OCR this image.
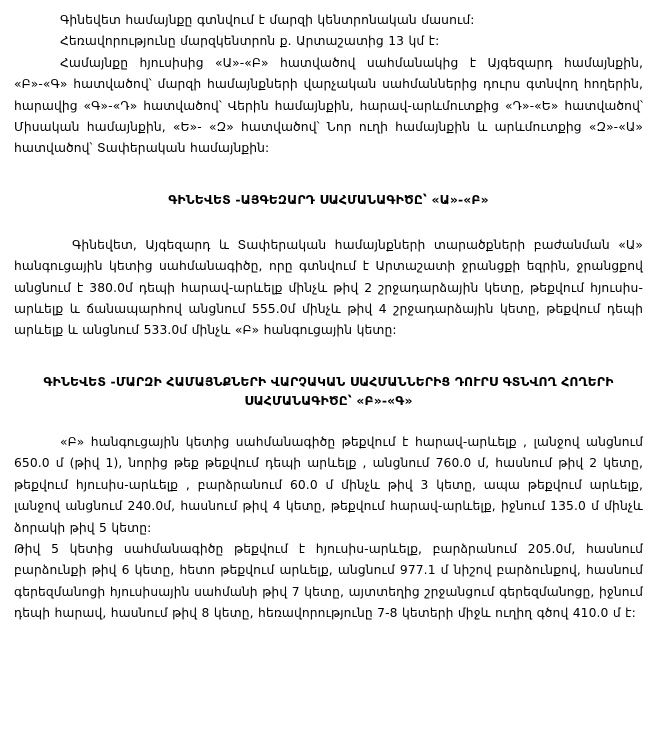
Գինեվետ համայնքը գտնվում է մարզի կենտրոնական մասում:

Հեռավորությունը մարզկենտրոն ք. Արտաշատից 13 կմ է:

Համայնքը հյուսիսից «Ա»-«Բ» հատվածով սահմանակից է Այգեզարդ համայնքին, «Բ»-«Գ» հատվածով՝ մարզի համայնքների վարչական սահմաններից դուրս գտնվող հողերին, հարավից «Գ»-«Դ» հատվածով՝ Վերին համայնքին, հարավ-արևմուտքից «Դ»-«Ե» հատվածով՝ Միսական համայնքին, «Ե»- «Զ» հատվածով՝ Նոր ուղի համայնքին և արևմուտքից «Զ»-«Ա» հատվածով՝ Տափերական համայնքին:

ԳԻՆԵՎԵՏ -ԱՅԳԵԶԱՐԴ ՍԱՀՄԱՆԱԳԻԾԸ՝ «Ա»-«Բ»

Գինեվետ, Այգեզարդ և Տափերական համայնքների տարածքների բաժանման «Ա» հանգուցային կետից սահմանագիծը, որը գտնվում է Արտաշատի ջրանցքի եզրին, ջրանցքով անցնում է 380.0մ դեպի հարավ-արևելք մինչև թիվ 2 շրջադարձային կետը, թեքվում հյուսիս-արևելք և ճանապարհով անցնում 555.0մ մինչև թիվ 4 շրջադարձային կետը, թեքվում դեպի արևելք և անցնում 533.0մ մինչև «Բ» հանգուցային կետը:

ԳԻՆԵՎԵՏ -ՄԱՐԶԻ ՀԱՄԱՅՆՔՆԵՐԻ ՎԱՐՉԱԿԱՆ ՍԱՀՄԱՆՆԵՐԻՑ ԴՈՒՐՍ ԳՏՆՎՈՂ ՀՈՂԵՐԻ
ՍԱՀՄԱՆԱԳԻԾԸ՝ «Բ»-«Գ»

«Բ» հանգուցային կետից սահմանագիծը թեքվում է հարավ-արևելք , լանջով անցնում 650.0 մ (թիվ 1), նորից թեք թեքվում դեպի արևելք , անցնում 760.0 մ, հասնում թիվ 2 կետը, թեքվում հյուսիս-արևելք , բարձրանում 60.0 մ մինչև թիվ 3 կետը, ապա թեքվում արևելք, լանջով անցնում 240.0մ, հասնում թիվ 4 կետը, թեքվում հարավ-արևելք, իջնում 135.0 մ մինչև ձորակի թիվ 5 կետը:

Թիվ 5 կետից սահմանագիծը թեքվում է հյուսիս-արևելք, բարձրանում 205.0մ, հասնում բարձունքի թիվ 6 կետը, հետո թեքվում արևելք, անցնում 977.1 մ նիշով բարձունքով, հասնում գերեզմանոցի հյուսիսային սահմանի թիվ 7 կետը, այտտեղից շրջանցում գերեզմանոցը, իջնում դեպի հարավ, հասնում թիվ 8 կետը, հեռավորությունը 7-8 կետերի միջև ուղիղ գծով 410.0 մ է:
